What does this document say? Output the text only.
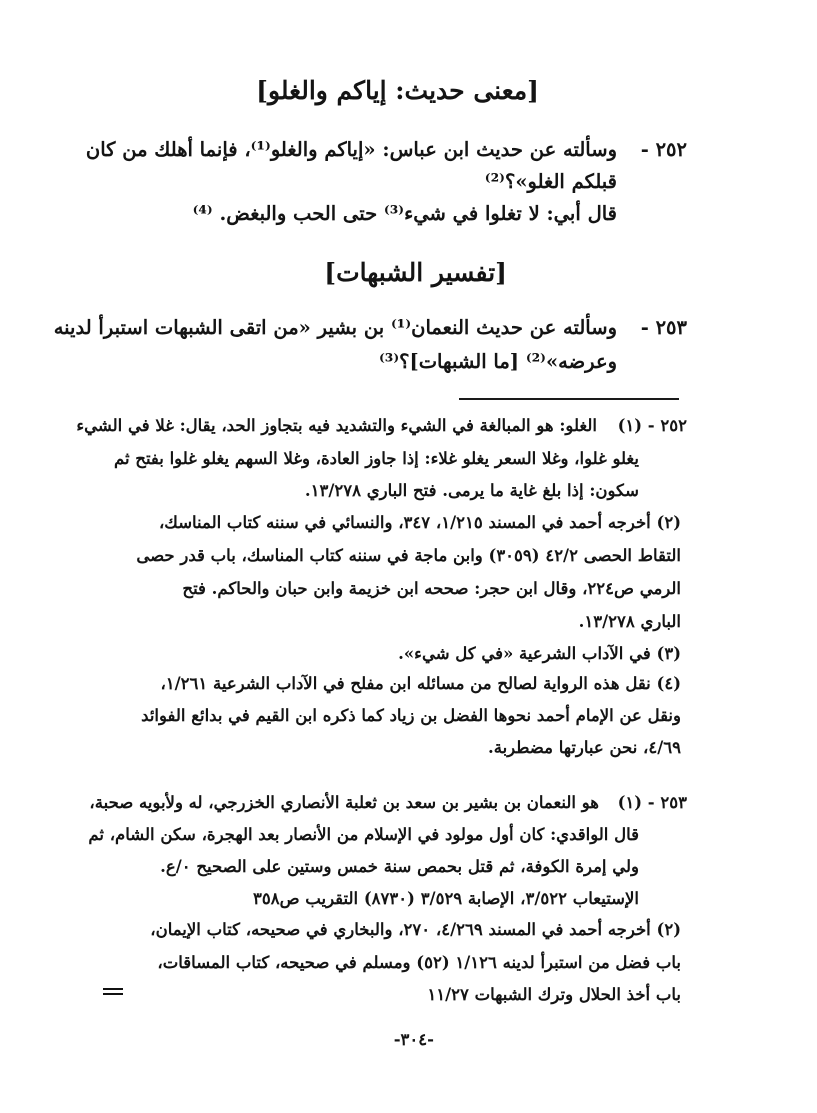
[معنى حديث: إياكم والغلو]
٢٥٢ -
وسألته عن حديث ابن عباس: «إياكم والغلو⁽¹⁾، فإنما أهلك من كان
قبلكم الغلو»؟⁽²⁾
قال أبي: لا تغلوا في شيء⁽³⁾ حتى الحب والبغض. ⁽⁴⁾
[تفسير الشبهات]
٢٥٣ -
وسألته عن حديث النعمان⁽¹⁾ بن بشير «من اتقى الشبهات استبرأ لدينه
وعرضه»⁽²⁾ [ما الشبهات]؟⁽³⁾
٢٥٢ - (١)
الغلو: هو المبالغة في الشيء والتشديد فيه بتجاوز الحد، يقال: غلا في الشيء
يغلو غلوا، وغلا السعر يغلو غلاء: إذا جاوز العادة، وغلا السهم يغلو غلوا بفتح ثم
سكون: إذا بلغ غاية ما يرمى. فتح الباري ١٣/٢٧٨.
(٢) أخرجه أحمد في المسند ١/٢١٥، ٣٤٧، والنسائي في سننه كتاب المناسك،
التقاط الحصى ٤٢/٢ (٣٠٥٩) وابن ماجة في سننه كتاب المناسك، باب قدر حصى
الرمي ص٢٢٤، وقال ابن حجر: صححه ابن خزيمة وابن حبان والحاكم. فتح
الباري ١٣/٢٧٨.
(٣) في الآداب الشرعية «في كل شيء».
(٤) نقل هذه الرواية لصالح من مسائله ابن مفلح في الآداب الشرعية ١/٢٦١،
ونقل عن الإمام أحمد نحوها الفضل بن زياد كما ذكره ابن القيم في بدائع الفوائد
٤/٦٩، نحن عبارتها مضطربة.
٢٥٣ - (١)
هو النعمان بن بشير بن سعد بن ثعلبة الأنصاري الخزرجي، له ولأبويه صحبة،
قال الواقدي: كان أول مولود في الإسلام من الأنصار بعد الهجرة، سكن الشام، ثم
ولي إمرة الكوفة، ثم قتل بحمص سنة خمس وستين على الصحيح ٠/ع.
الإستيعاب ٣/٥٢٢، الإصابة ٣/٥٢٩ (٨٧٣٠) التقريب ص٣٥٨
(٢) أخرجه أحمد في المسند ٤/٢٦٩، ٢٧٠، والبخاري في صحيحه، كتاب الإيمان،
باب فضل من استبرأ لدينه ١/١٢٦ (٥٢) ومسلم في صحيحه، كتاب المساقات،
باب أخذ الحلال وترك الشبهات ١١/٢٧
-٣٠٤-
